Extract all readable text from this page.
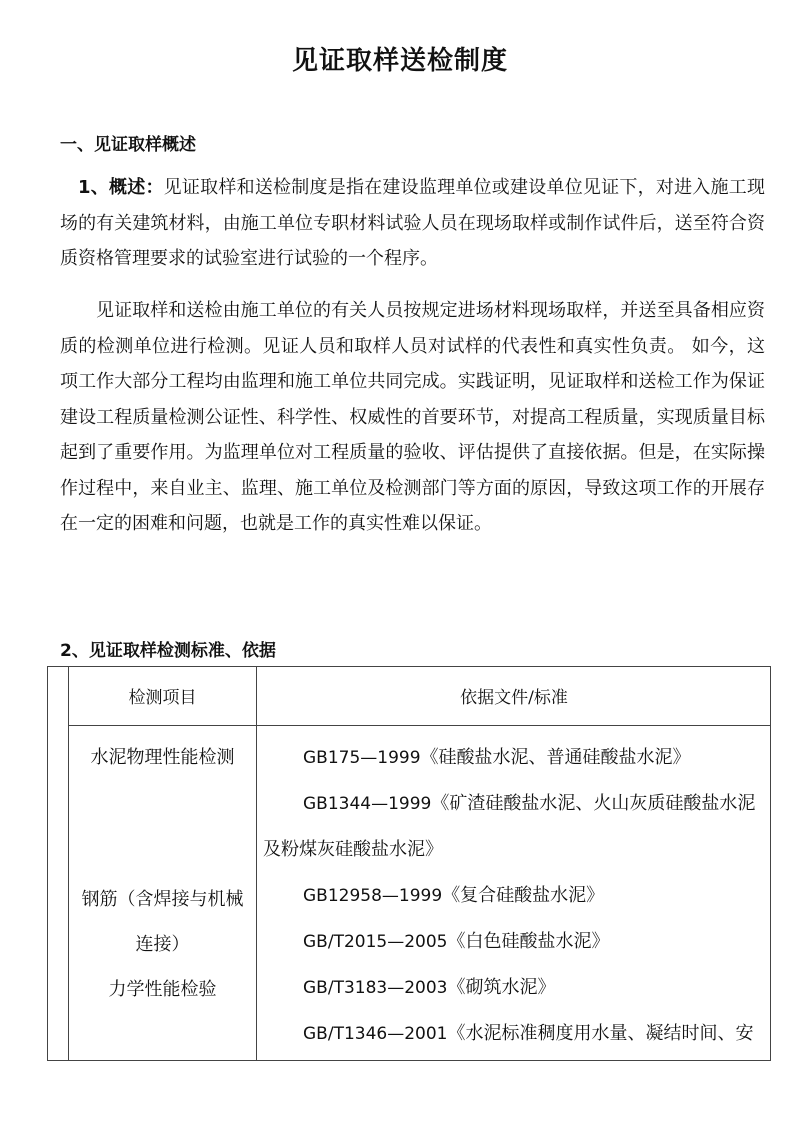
见证取样送检制度
一、见证取样概述
1、概述：见证取样和送检制度是指在建设监理单位或建设单位见证下，对进入施工现场的有关建筑材料，由施工单位专职材料试验人员在现场取样或制作试件后，送至符合资质资格管理要求的试验室进行试验的一个程序。
见证取样和送检由施工单位的有关人员按规定进场材料现场取样，并送至具备相应资质的检测单位进行检测。见证人员和取样人员对试样的代表性和真实性负责。 如今，这项工作大部分工程均由监理和施工单位共同完成。实践证明，见证取样和送检工作为保证建设工程质量检测公证性、科学性、权威性的首要环节，对提高工程质量，实现质量目标起到了重要作用。为监理单位对工程质量的验收、评估提供了直接依据。但是，在实际操作过程中，来自业主、监理、施工单位及检测部门等方面的原因，导致这项工作的开展存在一定的困难和问题，也就是工作的真实性难以保证。
2、见证取样检测标准、依据
检测项目	依据文件/标准
水泥物理性能检测
钢筋（含焊接与机械
连接）
力学性能检验

GB175—1999《硅酸盐水泥、普通硅酸盐水泥》

GB1344—1999《矿渣硅酸盐水泥、火山灰质硅酸盐水泥及粉煤灰硅酸盐水泥》

GB12958—1999《复合硅酸盐水泥》

GB/T2015—2005《白色硅酸盐水泥》

GB/T3183—2003《砌筑水泥》

GB/T1346—2001《水泥标准稠度用水量、凝结时间、安
